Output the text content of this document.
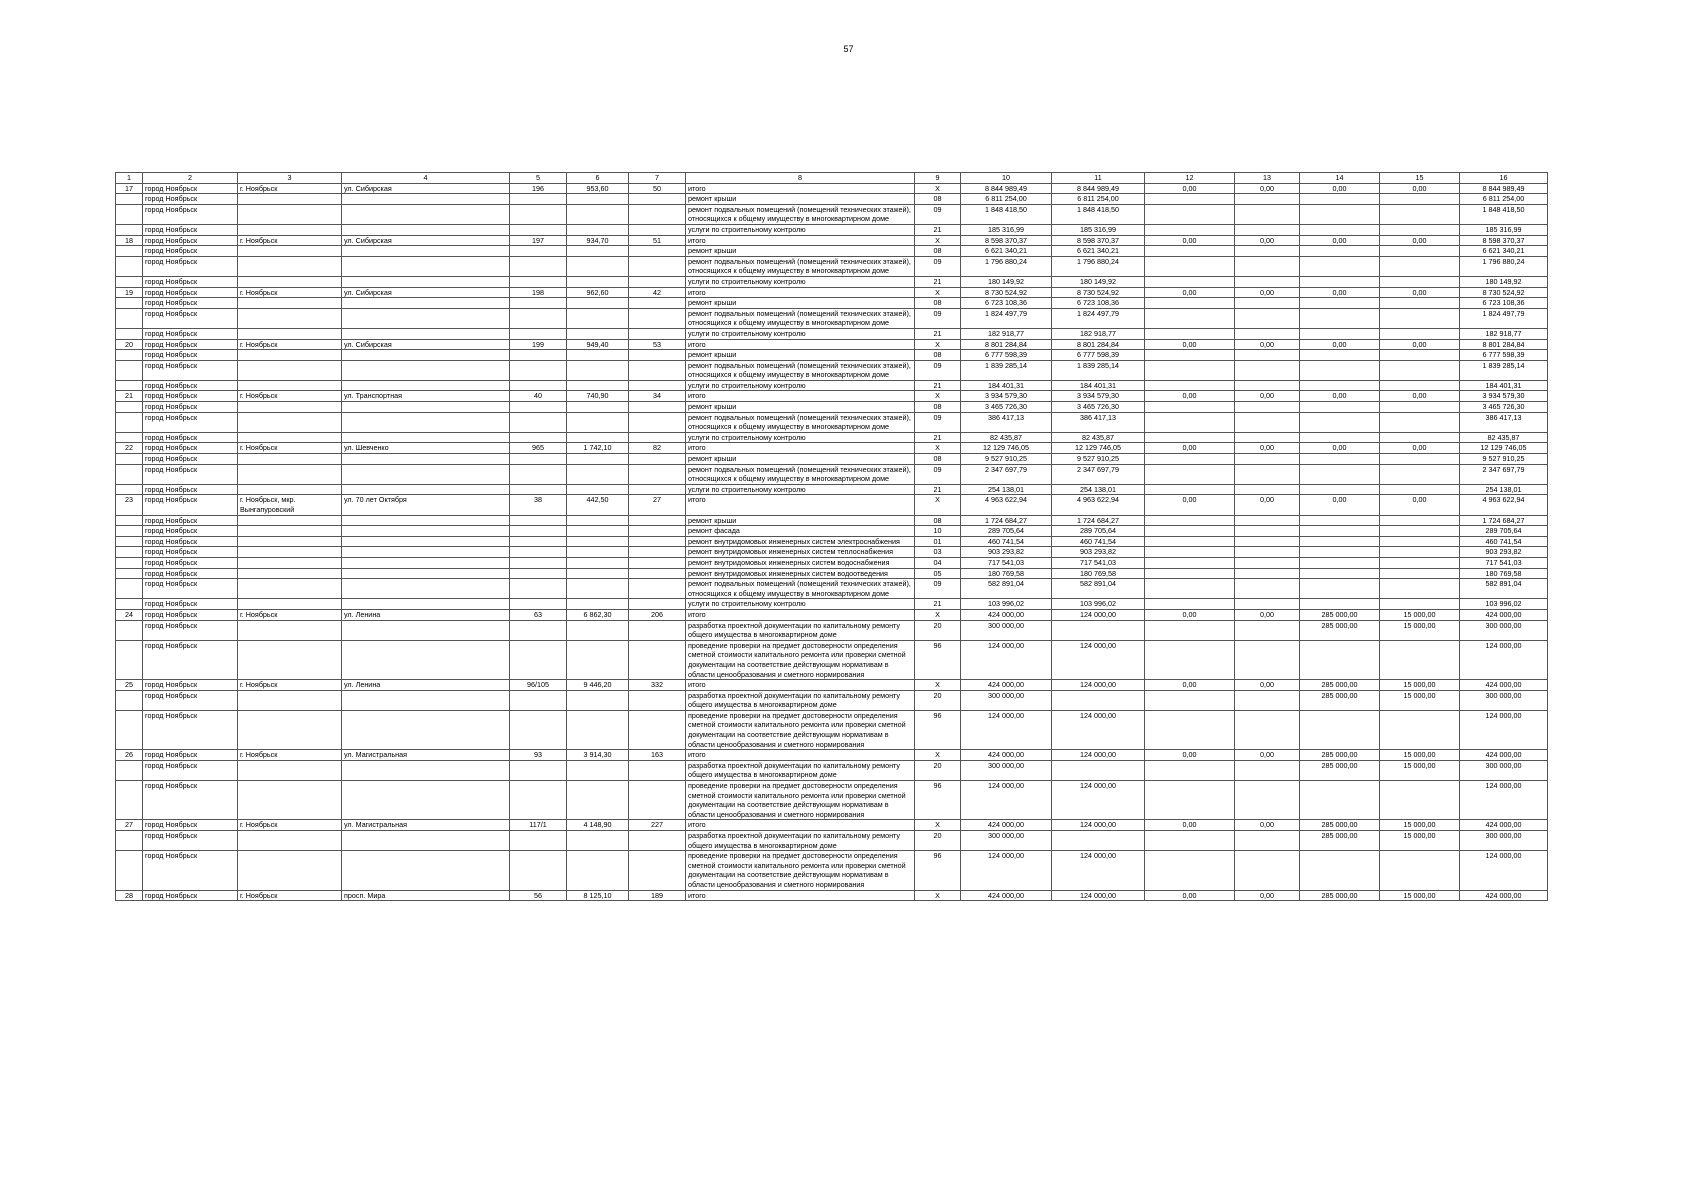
57
1	2	3	4	5	6	7	8	9	10	11	12	13	14	15	16
17	город Ноябрьск	г. Ноябрьск	ул. Сибирская	196	953,60	50	итого	X	8 844 989,49	8 844 989,49	0,00	0,00	0,00	0,00	8 844 989,49
	город Ноябрьск						ремонт крыши	08	6 811 254,00	6 811 254,00					6 811 254,00
	город Ноябрьск						ремонт подвальных помещений (помещений технических этажей), относящихся к общему имуществу в многоквартирном доме	09	1 848 418,50	1 848 418,50					1 848 418,50
	город Ноябрьск						услуги по строительному контролю	21	185 316,99	185 316,99					185 316,99
18	город Ноябрьск	г. Ноябрьск	ул. Сибирская	197	934,70	51	итого	X	8 598 370,37	8 598 370,37	0,00	0,00	0,00	0,00	8 598 370,37
	город Ноябрьск						ремонт крыши	08	6 621 340,21	6 621 340,21					6 621 340,21
	город Ноябрьск						ремонт подвальных помещений (помещений технических этажей), относящихся к общему имуществу в многоквартирном доме	09	1 796 880,24	1 796 880,24					1 796 880,24
	город Ноябрьск						услуги по строительному контролю	21	180 149,92	180 149,92					180 149,92
19	город Ноябрьск	г. Ноябрьск	ул. Сибирская	198	962,60	42	итого	X	8 730 524,92	8 730 524,92	0,00	0,00	0,00	0,00	8 730 524,92
	город Ноябрьск						ремонт крыши	08	6 723 108,36	6 723 108,36					6 723 108,36
	город Ноябрьск						ремонт подвальных помещений (помещений технических этажей), относящихся к общему имуществу в многоквартирном доме	09	1 824 497,79	1 824 497,79					1 824 497,79
	город Ноябрьск						услуги по строительному контролю	21	182 918,77	182 918,77					182 918,77
20	город Ноябрьск	г. Ноябрьск	ул. Сибирская	199	949,40	53	итого	X	8 801 284,84	8 801 284,84	0,00	0,00	0,00	0,00	8 801 284,84
	город Ноябрьск						ремонт крыши	08	6 777 598,39	6 777 598,39					6 777 598,39
	город Ноябрьск						ремонт подвальных помещений (помещений технических этажей), относящихся к общему имуществу в многоквартирном доме	09	1 839 285,14	1 839 285,14					1 839 285,14
	город Ноябрьск						услуги по строительному контролю	21	184 401,31	184 401,31					184 401,31
21	город Ноябрьск	г. Ноябрьск	ул. Транспортная	40	740,90	34	итого	X	3 934 579,30	3 934 579,30	0,00	0,00	0,00	0,00	3 934 579,30
	город Ноябрьск						ремонт крыши	08	3 465 726,30	3 465 726,30					3 465 726,30
	город Ноябрьск						ремонт подвальных помещений (помещений технических этажей), относящихся к общему имуществу в многоквартирном доме	09	386 417,13	386 417,13					386 417,13
	город Ноябрьск						услуги по строительному контролю	21	82 435,87	82 435,87					82 435,87
22	город Ноябрьск	г. Ноябрьск	ул. Шевченко	965	1 742,10	82	итого	X	12 129 746,05	12 129 746,05	0,00	0,00	0,00	0,00	12 129 746,05
	город Ноябрьск						ремонт крыши	08	9 527 910,25	9 527 910,25					9 527 910,25
	город Ноябрьск						ремонт подвальных помещений (помещений технических этажей), относящихся к общему имуществу в многоквартирном доме	09	2 347 697,79	2 347 697,79					2 347 697,79
	город Ноябрьск						услуги по строительному контролю	21	254 138,01	254 138,01					254 138,01
23	город Ноябрьск	г. Ноябрьск, мкр. Вынгапуровский	ул. 70 лет Октября	38	442,50	27	итого	X	4 963 622,94	4 963 622,94	0,00	0,00	0,00	0,00	4 963 622,94
	город Ноябрьск						ремонт крыши	08	1 724 684,27	1 724 684,27					1 724 684,27
	город Ноябрьск						ремонт фасада	10	289 705,64	289 705,64					289 705,64
	город Ноябрьск						ремонт внутридомовых инженерных систем электроснабжения	01	460 741,54	460 741,54					460 741,54
	город Ноябрьск						ремонт внутридомовых инженерных систем теплоснабжения	03	903 293,82	903 293,82					903 293,82
	город Ноябрьск						ремонт внутридомовых инженерных систем водоснабжения	04	717 541,03	717 541,03					717 541,03
	город Ноябрьск						ремонт внутридомовых инженерных систем водоотведения	05	180 769,58	180 769,58					180 769,58
	город Ноябрьск						ремонт подвальных помещений (помещений технических этажей), относящихся к общему имуществу в многоквартирном доме	09	582 891,04	582 891,04					582 891,04
	город Ноябрьск						услуги по строительному контролю	21	103 996,02	103 996,02					103 996,02
24	город Ноябрьск	г. Ноябрьск	ул. Ленина	63	6 862,30	206	итого	X	424 000,00	124 000,00	0,00	0,00	285 000,00	15 000,00	424 000,00
	город Ноябрьск						разработка проектной документации по капитальному ремонту общего имущества в многоквартирном доме	20	300 000,00				285 000,00	15 000,00	300 000,00
	город Ноябрьск						проведение проверки на предмет достоверности определения сметной стоимости капитального ремонта или проверки сметной документации на соответствие действующим нормативам в области ценообразования и сметного нормирования	96	124 000,00	124 000,00					124 000,00
25	город Ноябрьск	г. Ноябрьск	ул. Ленина	96/105	9 446,20	332	итого	X	424 000,00	124 000,00	0,00	0,00	285 000,00	15 000,00	424 000,00
	город Ноябрьск						разработка проектной документации по капитальному ремонту общего имущества в многоквартирном доме	20	300 000,00				285 000,00	15 000,00	300 000,00
	город Ноябрьск						проведение проверки на предмет достоверности определения сметной стоимости капитального ремонта или проверки сметной документации на соответствие действующим нормативам в области ценообразования и сметного нормирования	96	124 000,00	124 000,00					124 000,00
26	город Ноябрьск	г. Ноябрьск	ул. Магистральная	93	3 914,30	163	итого	X	424 000,00	124 000,00	0,00	0,00	285 000,00	15 000,00	424 000,00
	город Ноябрьск						разработка проектной документации по капитальному ремонту общего имущества в многоквартирном доме	20	300 000,00				285 000,00	15 000,00	300 000,00
	город Ноябрьск						проведение проверки на предмет достоверности определения сметной стоимости капитального ремонта или проверки сметной документации на соответствие действующим нормативам в области ценообразования и сметного нормирования	96	124 000,00	124 000,00					124 000,00
27	город Ноябрьск	г. Ноябрьск	ул. Магистральная	117/1	4 148,90	227	итого	X	424 000,00	124 000,00	0,00	0,00	285 000,00	15 000,00	424 000,00
	город Ноябрьск						разработка проектной документации по капитальному ремонту общего имущества в многоквартирном доме	20	300 000,00				285 000,00	15 000,00	300 000,00
	город Ноябрьск						проведение проверки на предмет достоверности определения сметной стоимости капитального ремонта или проверки сметной документации на соответствие действующим нормативам в области ценообразования и сметного нормирования	96	124 000,00	124 000,00					124 000,00
28	город Ноябрьск	г. Ноябрьск	просп. Мира	56	8 125,10	189	итого	X	424 000,00	124 000,00	0,00	0,00	285 000,00	15 000,00	424 000,00
